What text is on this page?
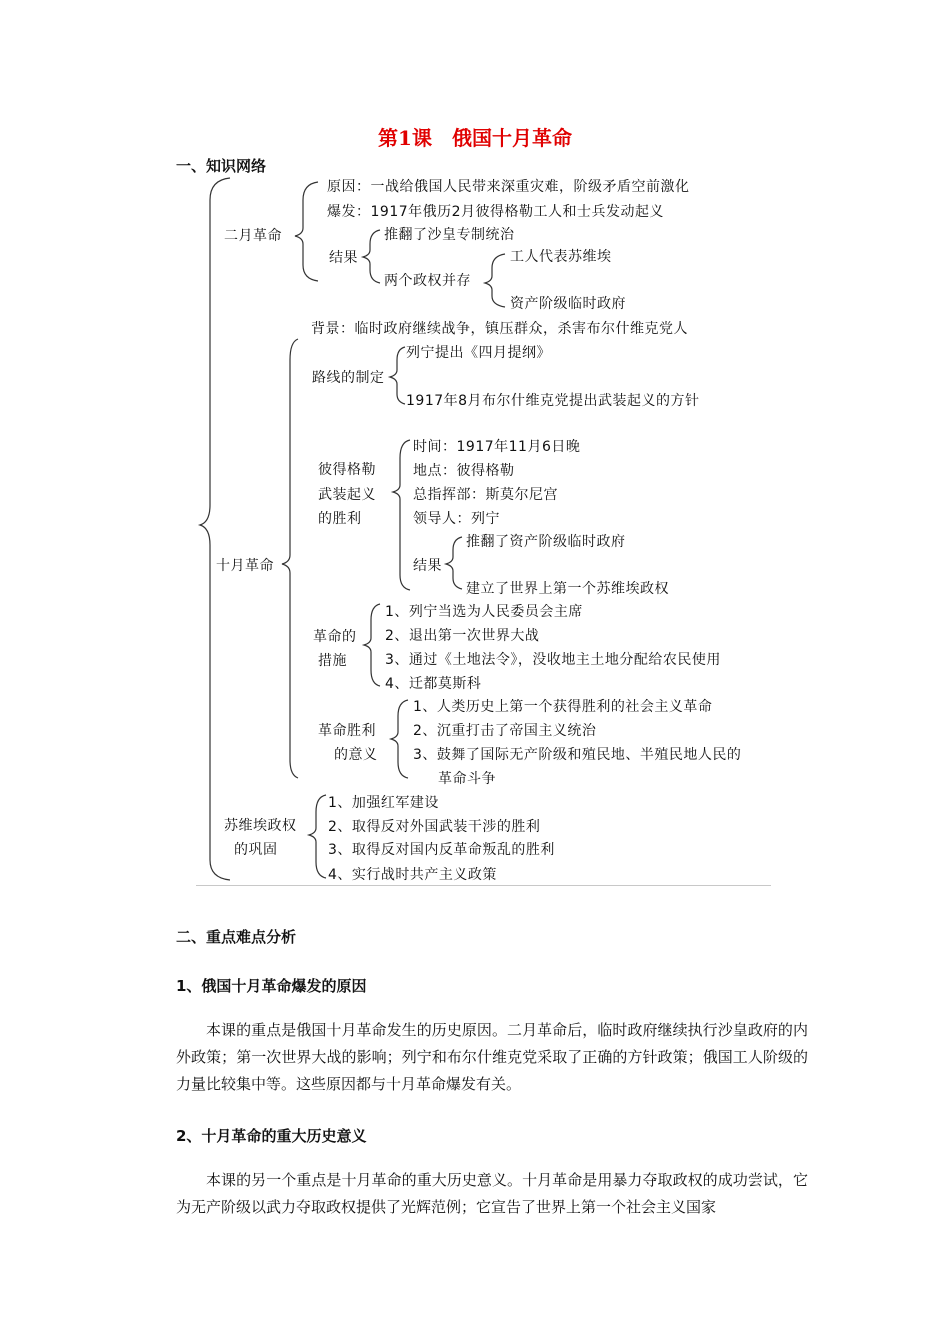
第1课　俄国十月革命
一、知识网络
二月革命
原因：一战给俄国人民带来深重灾难，阶级矛盾空前激化
爆发：1917年俄历2月彼得格勒工人和士兵发动起义
结果
推翻了沙皇专制统治
两个政权并存
工人代表苏维埃
资产阶级临时政府
十月革命
背景：临时政府继续战争，镇压群众，杀害布尔什维克党人
路线的制定
列宁提出《四月提纲》
1917年8月布尔什维克党提出武装起义的方针
彼得格勒
武装起义
的胜利
时间：1917年11月6日晚
地点：彼得格勒
总指挥部：斯莫尔尼宫
领导人：列宁
结果
推翻了资产阶级临时政府
建立了世界上第一个苏维埃政权
革命的
措施
1、列宁当选为人民委员会主席
2、退出第一次世界大战
3、通过《土地法令》，没收地主土地分配给农民使用
4、迁都莫斯科
革命胜利
的意义
1、人类历史上第一个获得胜利的社会主义革命
2、沉重打击了帝国主义统治
3、鼓舞了国际无产阶级和殖民地、半殖民地人民的
革命斗争
苏维埃政权
的巩固
1、加强红军建设
2、取得反对外国武装干涉的胜利
3、取得反对国内反革命叛乱的胜利
4、实行战时共产主义政策
二、重点难点分析
1、俄国十月革命爆发的原因
本课的重点是俄国十月革命发生的历史原因。二月革命后，临时政府继续执行沙皇政府的内外政策；第一次世界大战的影响；列宁和布尔什维克党采取了正确的方针政策；俄国工人阶级的力量比较集中等。这些原因都与十月革命爆发有关。
2、十月革命的重大历史意义
本课的另一个重点是十月革命的重大历史意义。十月革命是用暴力夺取政权的成功尝试，它为无产阶级以武力夺取政权提供了光辉范例；它宣告了世界上第一个社会主义国家
